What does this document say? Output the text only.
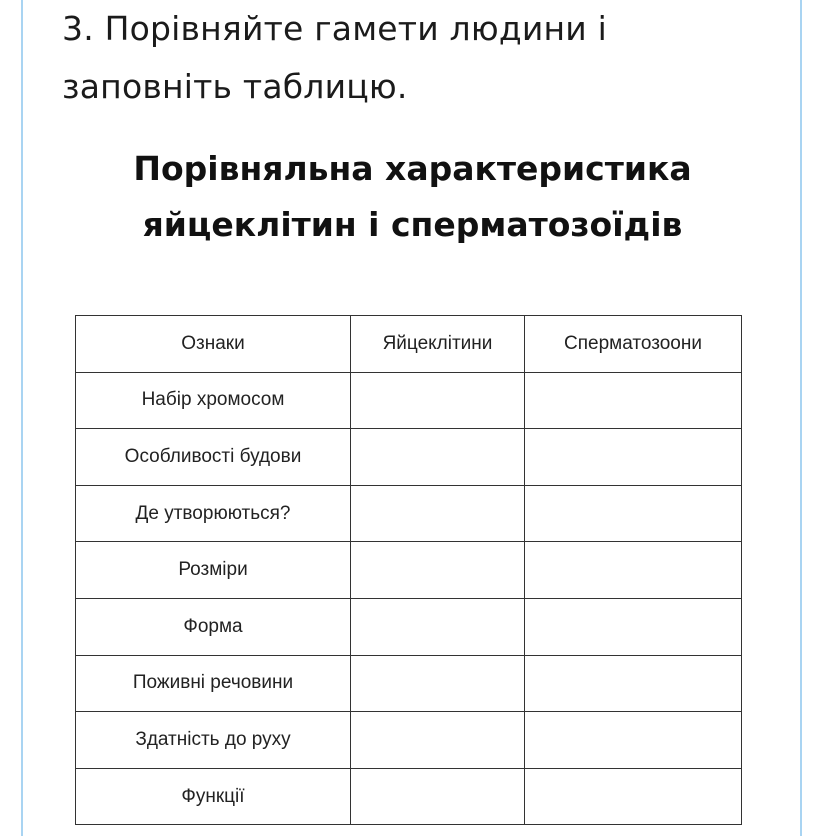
3. Порівняйте гамети людини і
заповніть таблицю.

Порівняльна характеристика
яйцеклітин і сперматозоїдів
Ознаки	Яйцеклітини	Сперматозоони
Набір хромосом		
Особливості будови		
Де утворюються?		
Розміри		
Форма		
Поживні речовини		
Здатність до руху		
Функції		
